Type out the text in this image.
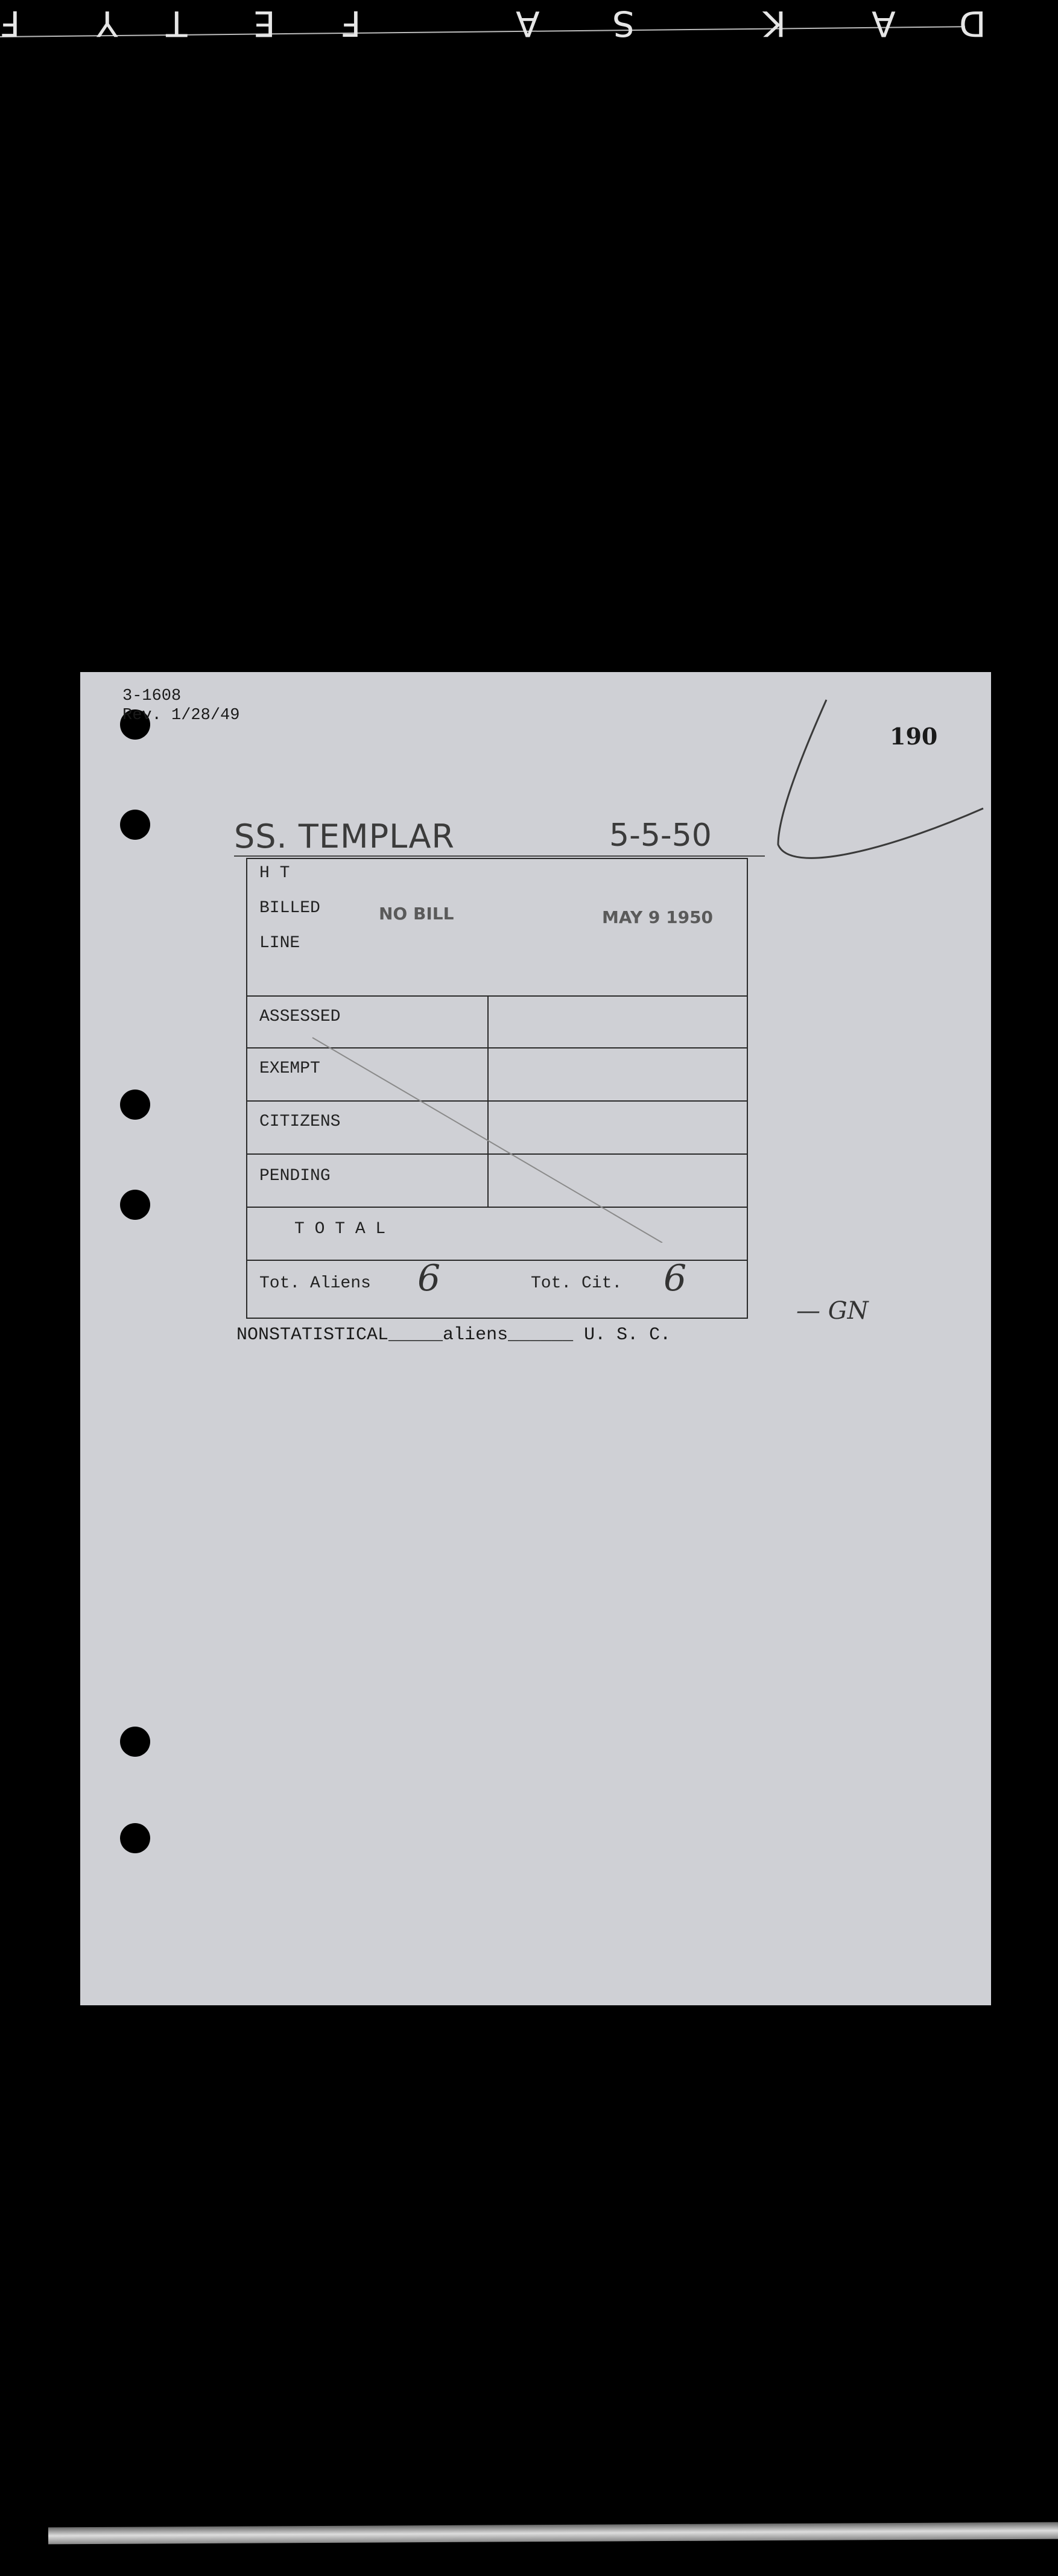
D
A
K
S
A
F
E
T
Y
F
3-1608
Rev. 1/28/49
190
SS. TEMPLAR	5-5-50
H T
BILLED
LINE
NO BILL	MAY 9 1950
ASSESSED
EXEMPT
CITIZENS
PENDING
T O T A L
Tot. Aliens 6	Tot. Cit. 6
NONSTATISTICAL_____aliens______ U. S. C.
— GN
